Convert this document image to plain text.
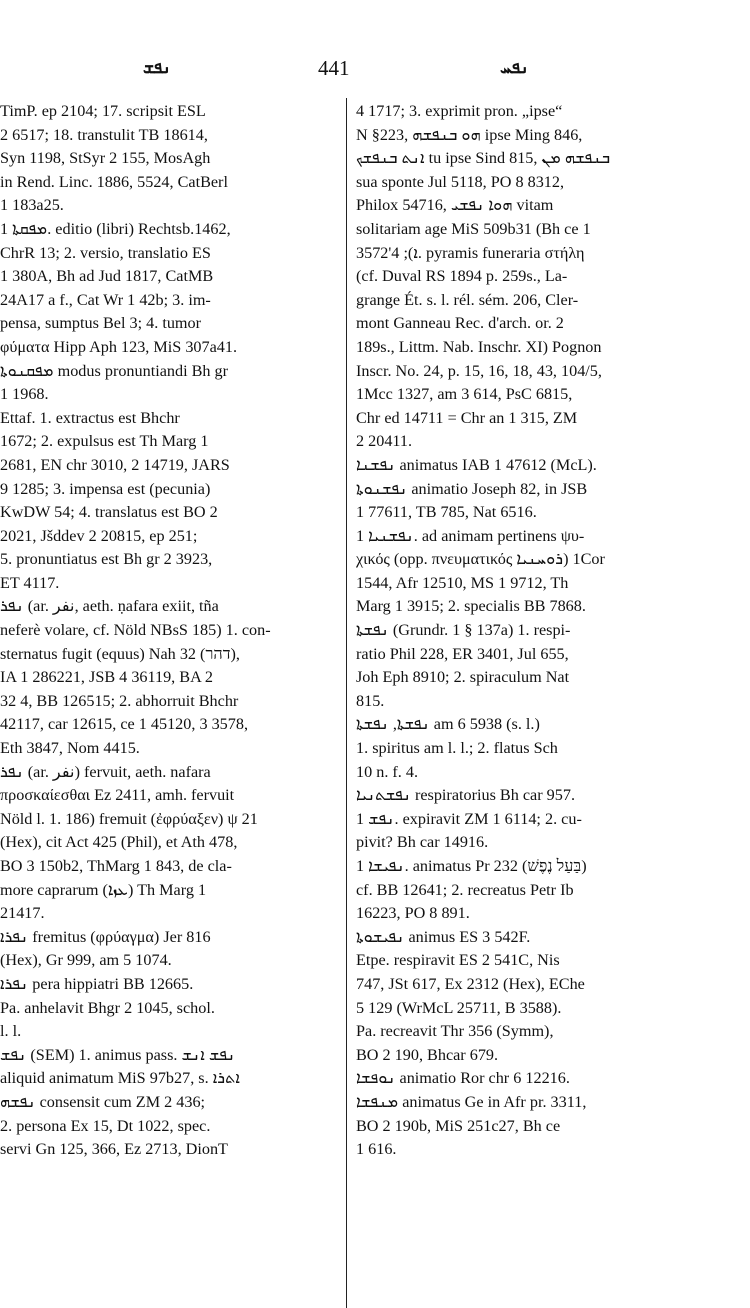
ܢܦܫ	441	ܢܦܚ
TimP. ep 2104; 17. scripsit ESL
2 6517; 18. transtulit TB 18614,
Syn 1198, StSyr 2 155, MosAgh
in Rend. Linc. 1886, 5524, CatBerl
1 183a25.
ܡܦܩܬܐ 1. editio (libri) Rechtsb.1462,
ChrR 13; 2. versio, translatio ES
1 380A, Bh ad Jud 1817, CatMB
24A17 a f., Cat Wr 1 42b; 3. im-
pensa, sumptus Bel 3; 4. tumor
φύματα Hipp Aph 123, MiS 307a41.
ܡܦܩܢܘܬܐ modus pronuntiandi Bh gr
1 1968.
Ettaf. 1. extractus est Bhchr
1672; 2. expulsus est Th Marg 1
2681, EN chr 3010, 2 14719, JARS
9 1285; 3. impensa est (pecunia)
KwDW 54; 4. translatus est BO 2
2021, Jšddev 2 20815, ep 251;
5. pronuntiatus est Bh gr 2 3923,
ET 4117.
ܢܦܪ (ar. نفر, aeth. ṇafara exiit, tña
neferè volare, cf. Nöld NBsS 185) 1. con-
sternatus fugit (equus) Nah 32 (דהר),
IA 1 286221, JSB 4 36119, BA 2
32 4, BB 126515; 2. abhorruit Bhchr
42117, car 12615, ce 1 45120, 3 3578,
Eth 3847, Nom 4415.
ܢܦܪ (ar. نفر) fervuit, aeth. nafara
προσκαίεσθαι Ez 2411, amh. fervuit
Nöld l. 1. 186) fremuit (ἐφρύαξεν) ψ 21
(Hex), cit Act 425 (Phil), et Ath 478,
BO 3 150b2, ThMarg 1 843, de cla-
more caprarum (ܥܙܐ) Th Marg 1
21417.
ܢܦܪܐ fremitus (φρύαγμα) Jer 816
(Hex), Gr 999, am 5 1074.
ܢܦܪܐ pera hippiatri BB 12665.
Pa. anhelavit Bhgr 2 1045, schol.
l. l.
ܢܦܫ (SEM) 1. animus pass. ܢܦܫ ܐܢܫ
aliquid animatum MiS 97b27, s. ܐܬܪܐ
ܢܦܫܗ consensit cum ZM 2 436;
2. persona Ex 15, Dt 1022, spec.
servi Gn 125, 366, Ez 2713, DionT
4 1717; 3. exprimit pron. „ipse“
N §223, ܗܘ ܒܢܦܫܗ ipse Ming 846,
ܐܢܬ ܒܢܦܫܟ tu ipse Sind 815, ܒܢܦܫܗ ܡܢ
sua sponte Jul 5118, PO 8 8312,
Philox 54716, ܗܘܐ ܢܦܫܝ vitam
solitariam age MiS 509b31 (Bh ce 1
3572'ܐ); 4. pyramis funeraria στήλη
(cf. Duval RS 1894 p. 259s., La-
grange Ét. s. l. rél. sém. 206, Cler-
mont Ganneau Rec. d'arch. or. 2
189s., Littm. Nab. Inschr. XI) Pognon
Inscr. No. 24, p. 15, 16, 18, 43, 104/5,
1Mcc 1327, am 3 614, PsC 6815,
Chr ed 14711 = Chr an 1 315, ZM
2 20411.
ܢܦܫܢܐ animatus IAB 1 47612 (McL).
ܢܦܫܢܘܬܐ animatio Joseph 82, in JSB
1 77611, TB 785, Nat 6516.
ܢܦܫܢܝܐ 1. ad animam pertinens ψυ-
χικός (opp. πνευματικός ܪܘܚܢܝܐ) 1Cor
1544, Afr 12510, MS 1 9712, Th
Marg 1 3915; 2. specialis BB 7868.
ܢܦܫܬܐ (Grundr. 1 § 137a) 1. respi-
ratio Phil 228, ER 3401, Jul 655,
Joh Eph 8910; 2. spiraculum Nat
815.
ܢܦܫܬܐ, ܢܦܫܬܐ am 6 5938 (s. l.)
1. spiritus am l. l.; 2. flatus Sch
10 n. f. 4.
ܢܦܫܬܢܝܐ respiratorius Bh car 957.
ܢܦܫ 1. expiravit ZM 1 6114; 2. cu-
pivit? Bh car 14916.
ܢܦܝܫܐ 1. animatus Pr 232 (בַּעַל נֶפֶשׁ)
cf. BB 12641; 2. recreatus Petr Ib
16223, PO 8 891.
ܢܦܝܫܘܬܐ animus ES 3 542F.
Etpe. respiravit ES 2 541C, Nis
747, JSt 617, Ex 2312 (Hex), EChe
5 129 (WrMcL 25711, B 3588).
Pa. recreavit Thr 356 (Symm),
BO 2 190, Bhcar 679.
ܢܘܦܫܐ animatio Ror chr 6 12216.
ܡܢܦܫܐ animatus Ge in Afr pr. 3311,
BO 2 190b, MiS 251c27, Bh ce
1 616.
